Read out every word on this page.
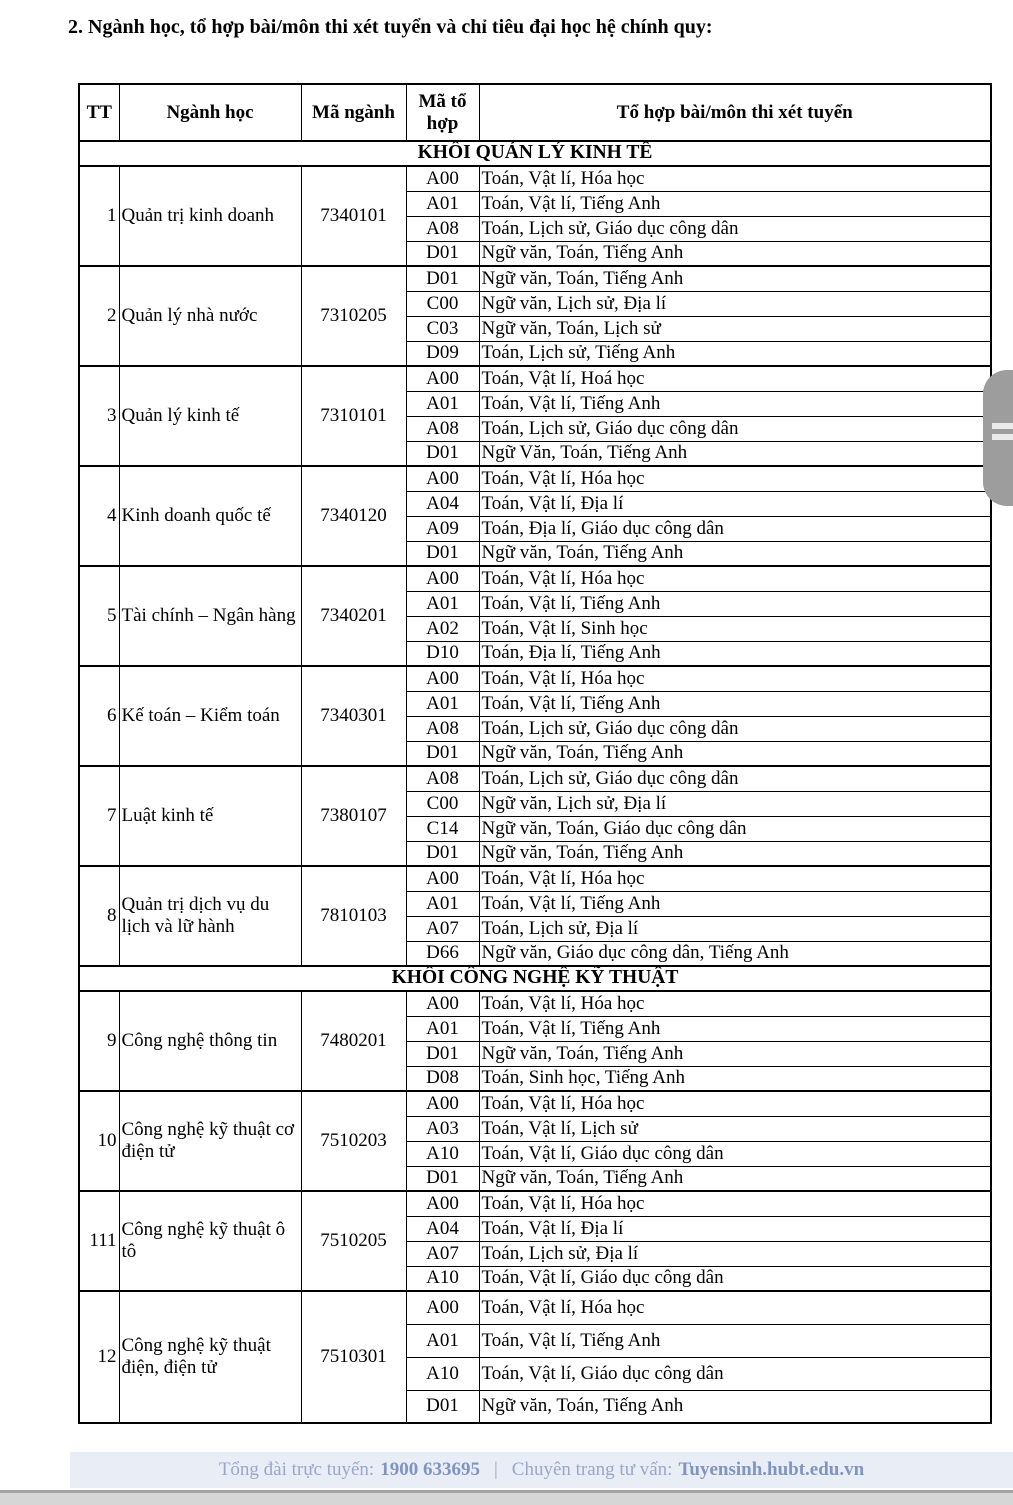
2. Ngành học, tổ hợp bài/môn thi xét tuyển và chỉ tiêu đại học hệ chính quy:
TT	Ngành học	Mã ngành	Mã tổ hợp	Tổ hợp bài/môn thi xét tuyển
KHỐI QUẢN LÝ KINH TẾ				
1	Quản trị kinh doanh	7340101	A00	Toán, Vật lí, Hóa học
			A01	Toán, Vật lí, Tiếng Anh
			A08	Toán, Lịch sử, Giáo dục công dân
			D01	Ngữ văn, Toán, Tiếng Anh
2	Quản lý nhà nước	7310205	D01	Ngữ văn, Toán, Tiếng Anh
			C00	Ngữ văn, Lịch sử, Địa lí
			C03	Ngữ văn, Toán, Lịch sử
			D09	Toán, Lịch sử, Tiếng Anh
3	Quản lý kinh tế	7310101	A00	Toán, Vật lí, Hoá học
			A01	Toán, Vật lí, Tiếng Anh
			A08	Toán, Lịch sử, Giáo dục công dân
			D01	Ngữ Văn, Toán, Tiếng Anh
4	Kinh doanh quốc tế	7340120	A00	Toán, Vật lí, Hóa học
			A04	Toán, Vật lí, Địa lí
			A09	Toán, Địa lí, Giáo dục công dân
			D01	Ngữ văn, Toán, Tiếng Anh
5	Tài chính – Ngân hàng	7340201	A00	Toán, Vật lí, Hóa học
			A01	Toán, Vật lí, Tiếng Anh
			A02	Toán, Vật lí, Sinh học
			D10	Toán, Địa lí, Tiếng Anh
6	Kế toán – Kiểm toán	7340301	A00	Toán, Vật lí, Hóa học
			A01	Toán, Vật lí, Tiếng Anh
			A08	Toán, Lịch sử, Giáo dục công dân
			D01	Ngữ văn, Toán, Tiếng Anh
7	Luật kinh tế	7380107	A08	Toán, Lịch sử, Giáo dục công dân
			C00	Ngữ văn, Lịch sử, Địa lí
			C14	Ngữ văn, Toán, Giáo dục công dân
			D01	Ngữ văn, Toán, Tiếng Anh
8	Quản trị dịch vụ du lịch và lữ hành	7810103	A00	Toán, Vật lí, Hóa học
			A01	Toán, Vật lí, Tiếng Anh
			A07	Toán, Lịch sử, Địa lí
			D66	Ngữ văn, Giáo dục công dân, Tiếng Anh
KHỐI CÔNG NGHỆ KỸ THUẬT				
9	Công nghệ thông tin	7480201	A00	Toán, Vật lí, Hóa học
			A01	Toán, Vật lí, Tiếng Anh
			D01	Ngữ văn, Toán, Tiếng Anh
			D08	Toán, Sinh học, Tiếng Anh
10	Công nghệ kỹ thuật cơ điện tử	7510203	A00	Toán, Vật lí, Hóa học
			A03	Toán, Vật lí, Lịch sử
			A10	Toán, Vật lí, Giáo dục công dân
			D01	Ngữ văn, Toán, Tiếng Anh
111	Công nghệ kỹ thuật ô tô	7510205	A00	Toán, Vật lí, Hóa học
			A04	Toán, Vật lí, Địa lí
			A07	Toán, Lịch sử, Địa lí
			A10	Toán, Vật lí, Giáo dục công dân
12	Công nghệ kỹ thuật điện, điện tử	7510301	A00	Toán, Vật lí, Hóa học
			A01	Toán, Vật lí, Tiếng Anh
			A10	Toán, Vật lí, Giáo dục công dân
			D01	Ngữ văn, Toán, Tiếng Anh
Tổng đài trực tuyến: 1900 633695 | Chuyên trang tư vấn: Tuyensinh.hubt.edu.vn
